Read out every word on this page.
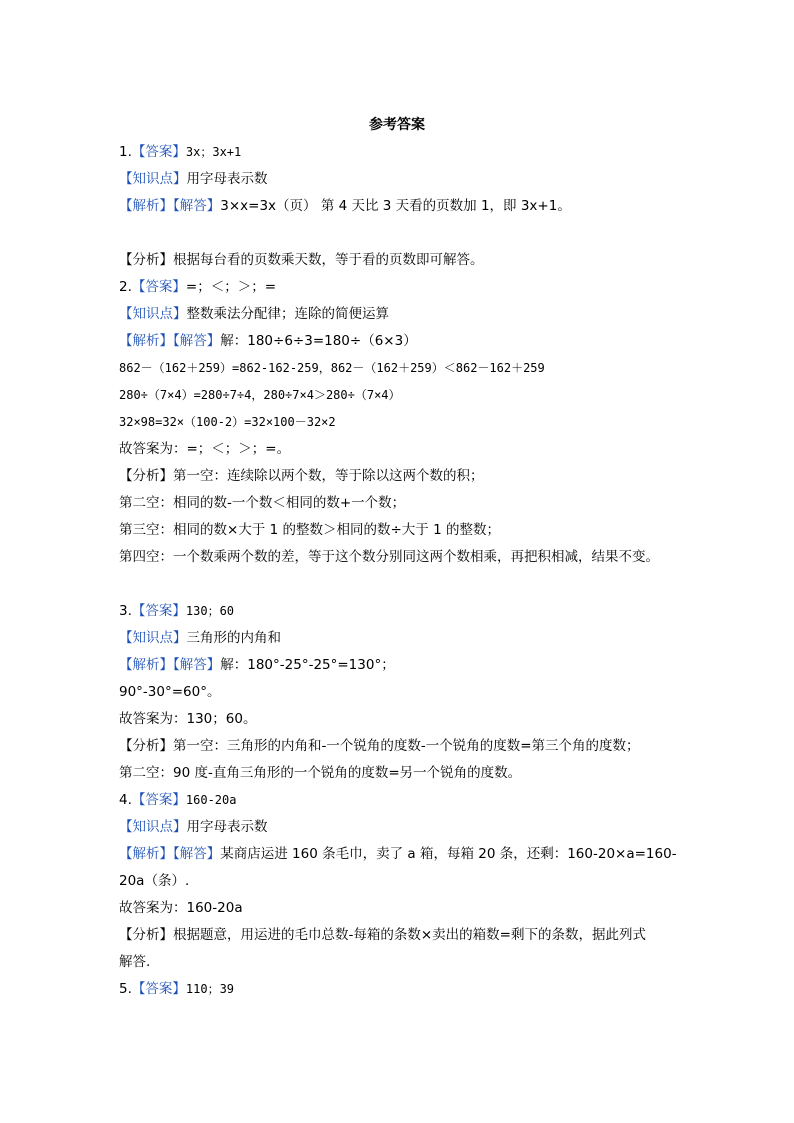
参考答案
1.【答案】3x；3x+1
【知识点】用字母表示数
【解析】【解答】3×x=3x（页） 第 4 天比 3 天看的页数加 1，即 3x+1。
【分析】根据每台看的页数乘天数，等于看的页数即可解答。
2.【答案】=；＜；＞；=
【知识点】整数乘法分配律；连除的简便运算
【解析】【解答】解：180÷6÷3=180÷（6×3）
862－（162＋259）=862-162-259，862－（162＋259）＜862－162＋259
280÷（7×4）=280÷7÷4，280÷7×4＞280÷（7×4）
32×98=32×（100-2）=32×100－32×2
故答案为：=；＜；＞；=。
【分析】第一空：连续除以两个数，等于除以这两个数的积；
第二空：相同的数-一个数＜相同的数+一个数；
第三空：相同的数×大于 1 的整数＞相同的数÷大于 1 的整数；
第四空：一个数乘两个数的差，等于这个数分别同这两个数相乘，再把积相减，结果不变。
3.【答案】130；60
【知识点】三角形的内角和
【解析】【解答】解：180°-25°-25°=130°；
90°-30°=60°。
故答案为：130；60。
【分析】第一空：三角形的内角和-一个锐角的度数-一个锐角的度数=第三个角的度数；
第二空：90 度-直角三角形的一个锐角的度数=另一个锐角的度数。
4.【答案】160-20a
【知识点】用字母表示数
【解析】【解答】某商店运进 160 条毛巾，卖了 a 箱，每箱 20 条，还剩：160-20×a=160-
20a（条）.
故答案为：160-20a
【分析】根据题意，用运进的毛巾总数-每箱的条数×卖出的箱数=剩下的条数，据此列式
解答.
5.【答案】110；39
